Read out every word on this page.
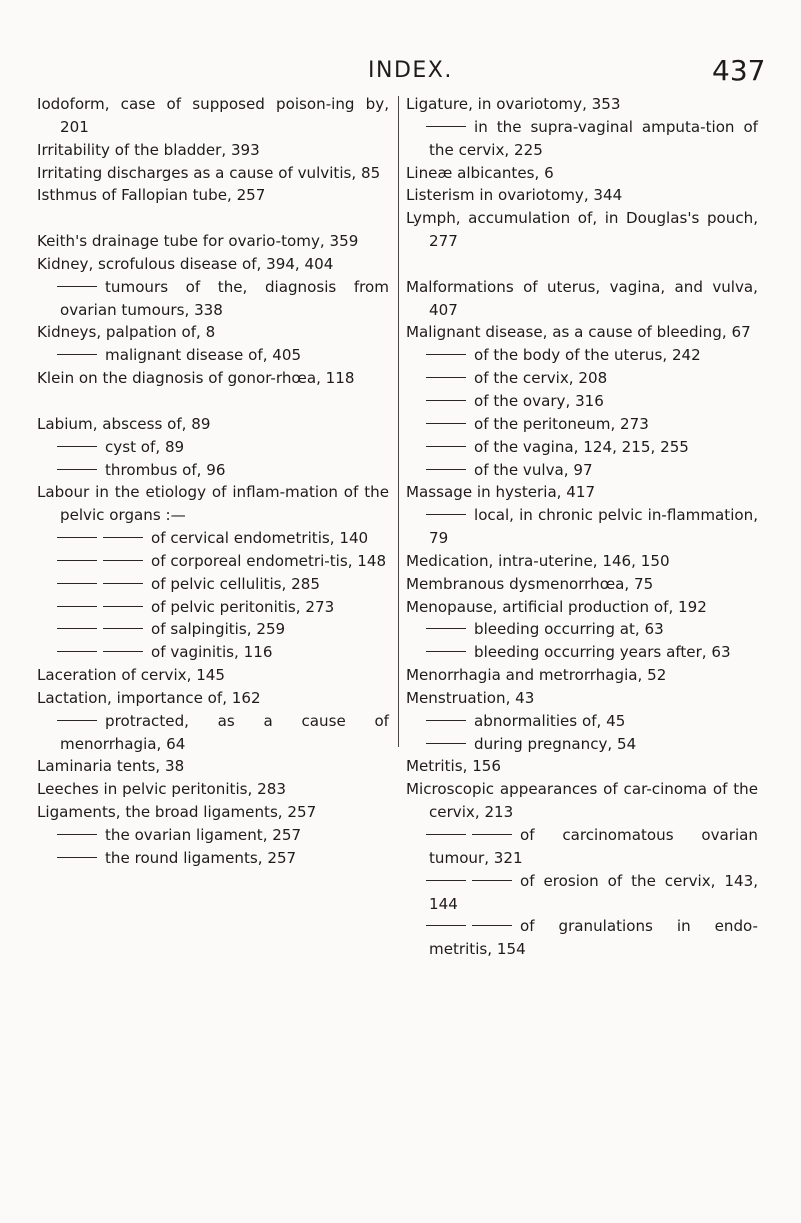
INDEX.	437

Iodoform, case of supposed poison-ing by, 201

Irritability of the bladder, 393

Irritating discharges as a cause of vulvitis, 85

Isthmus of Fallopian tube, 257

Keith's drainage tube for ovario-tomy, 359

Kidney, scrofulous disease of, 394, 404

tumours of the, diagnosis from ovarian tumours, 338

Kidneys, palpation of, 8

malignant disease of, 405

Klein on the diagnosis of gonor-rhœa, 118

Labium, abscess of, 89

cyst of, 89

thrombus of, 96

Labour in the etiology of inflam-mation of the pelvic organs :—

of cervical endometritis, 140

of corporeal endometri-tis, 148

of pelvic cellulitis, 285

of pelvic peritonitis, 273

of salpingitis, 259

of vaginitis, 116

Laceration of cervix, 145

Lactation, importance of, 162

protracted, as a cause of menorrhagia, 64

Laminaria tents, 38

Leeches in pelvic peritonitis, 283

Ligaments, the broad ligaments, 257

the ovarian ligament, 257

the round ligaments, 257

Ligature, in ovariotomy, 353

in the supra-vaginal amputa-tion of the cervix, 225

Lineæ albicantes, 6

Listerism in ovariotomy, 344

Lymph, accumulation of, in Douglas's pouch, 277

Malformations of uterus, vagina, and vulva, 407

Malignant disease, as a cause of bleeding, 67

of the body of the uterus, 242

of the cervix, 208

of the ovary, 316

of the peritoneum, 273

of the vagina, 124, 215, 255

of the vulva, 97

Massage in hysteria, 417

local, in chronic pelvic in-flammation, 79

Medication, intra-uterine, 146, 150

Membranous dysmenorrhœa, 75

Menopause, artificial production of, 192

bleeding occurring at, 63

bleeding occurring years after, 63

Menorrhagia and metrorrhagia, 52

Menstruation, 43

abnormalities of, 45

during pregnancy, 54

Metritis, 156

Microscopic appearances of car-cinoma of the cervix, 213

of carcinomatous ovarian tumour, 321

of erosion of the cervix, 143, 144

of granulations in endo-metritis, 154
